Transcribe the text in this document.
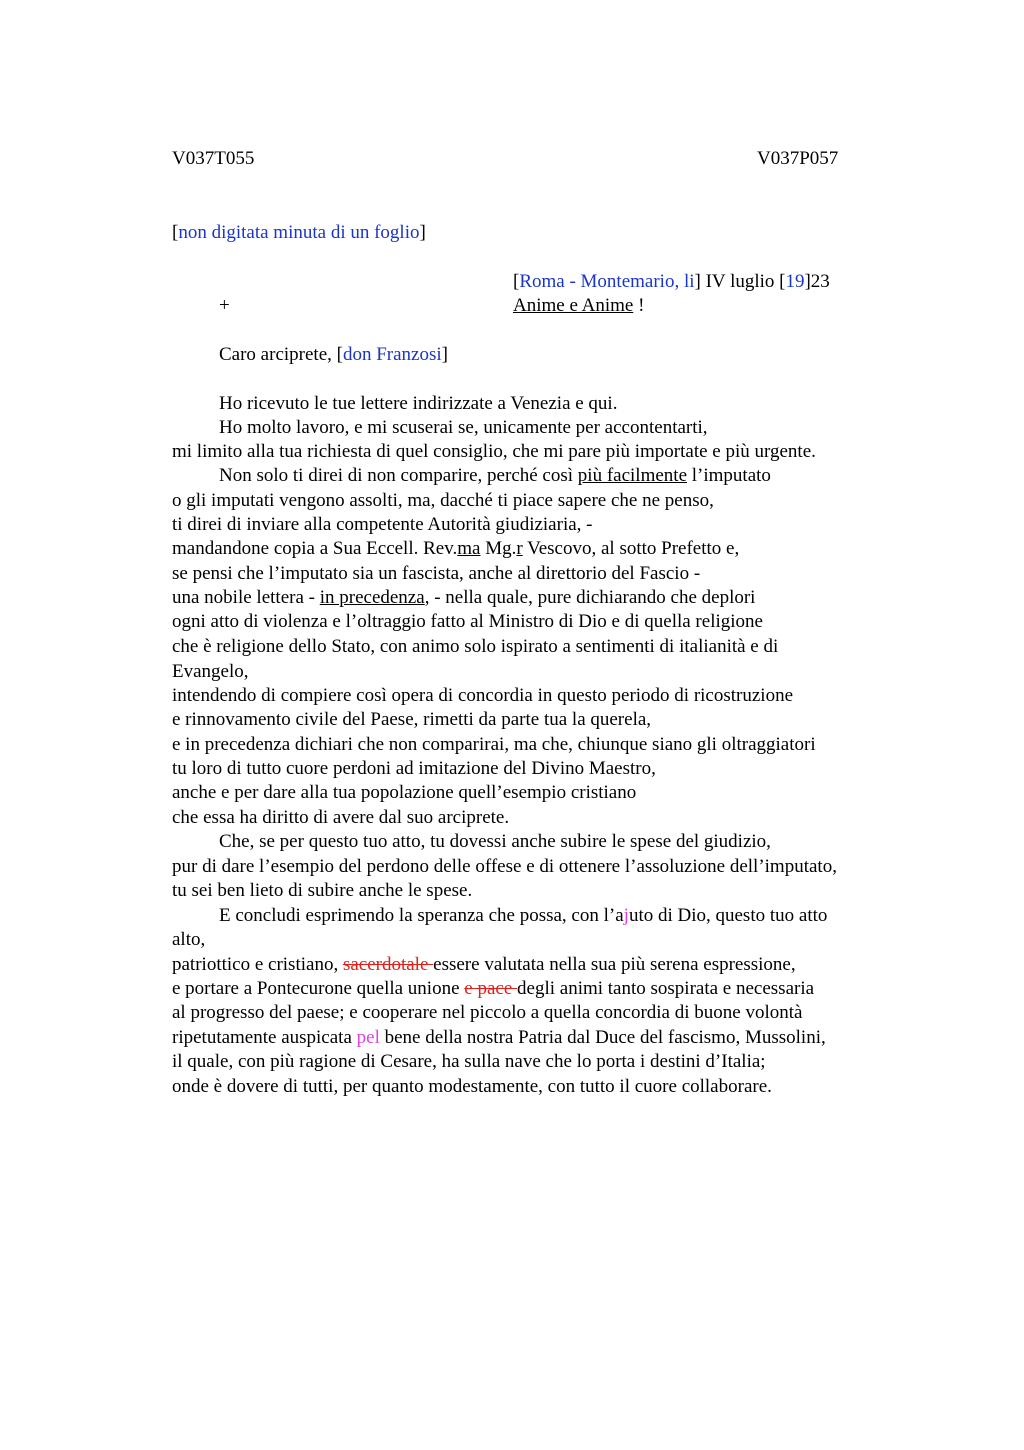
V037T055	V037P057
[non digitata minuta di un foglio]
[Roma - Montemario, li] IV luglio [19]23
+	Anime e Anime !
Caro arciprete, [don Franzosi]
Ho ricevuto le tue lettere indirizzate a Venezia e qui.
Ho molto lavoro, e mi scuserai se, unicamente per accontentarti,
mi limito alla tua richiesta di quel consiglio, che mi pare più importate e più urgente.
Non solo ti direi di non comparire, perché così più facilmente l’imputato
o gli imputati vengono assolti, ma, dacché ti piace sapere che ne penso,
ti direi di inviare alla competente Autorità giudiziaria, -
mandandone copia a Sua Eccell. Rev.ma Mg.r Vescovo, al sotto Prefetto e,
se pensi che l’imputato sia un fascista, anche al direttorio del Fascio -
una nobile lettera - in precedenza, - nella quale, pure dichiarando che deplori
ogni atto di violenza e l’oltraggio fatto al Ministro di Dio e di quella religione
che è religione dello Stato, con animo solo ispirato a sentimenti di italianità e di
Evangelo,
intendendo di compiere così opera di concordia in questo periodo di ricostruzione
e rinnovamento civile del Paese, rimetti da parte tua la querela,
e in precedenza dichiari che non comparirai, ma che, chiunque siano gli oltraggiatori
tu loro di tutto cuore perdoni ad imitazione del Divino Maestro,
anche e per dare alla tua popolazione quell’esempio cristiano
che essa ha diritto di avere dal suo arciprete.
Che, se per questo tuo atto, tu dovessi anche subire le spese del giudizio,
pur di dare l’esempio del perdono delle offese e di ottenere l’assoluzione dell’imputato,
tu sei ben lieto di subire anche le spese.
E concludi esprimendo la speranza che possa, con l’ajuto di Dio, questo tuo atto
alto,
patriottico e cristiano, sacerdotale essere valutata nella sua più serena espressione,
e portare a Pontecurone quella unione e pace degli animi tanto sospirata e necessaria
al progresso del paese; e cooperare nel piccolo a quella concordia di buone volontà
ripetutamente auspicata pel bene della nostra Patria dal Duce del fascismo, Mussolini,
il quale, con più ragione di Cesare, ha sulla nave che lo porta i destini d’Italia;
onde è dovere di tutti, per quanto modestamente, con tutto il cuore collaborare.
